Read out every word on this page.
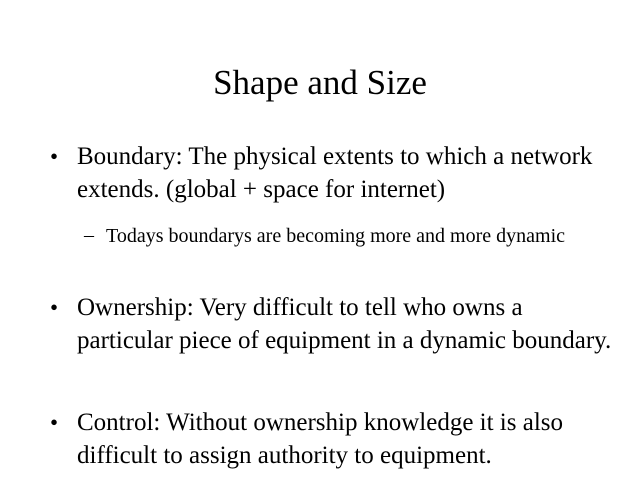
Shape and Size
• Boundary: The physical extents to which a network extends. (global + space for internet)
– Todays boundarys are becoming more and more dynamic
• Ownership: Very difficult to tell who owns a particular piece of equipment in a dynamic boundary.
• Control: Without ownership knowledge it is also difficult to assign authority to equipment.
